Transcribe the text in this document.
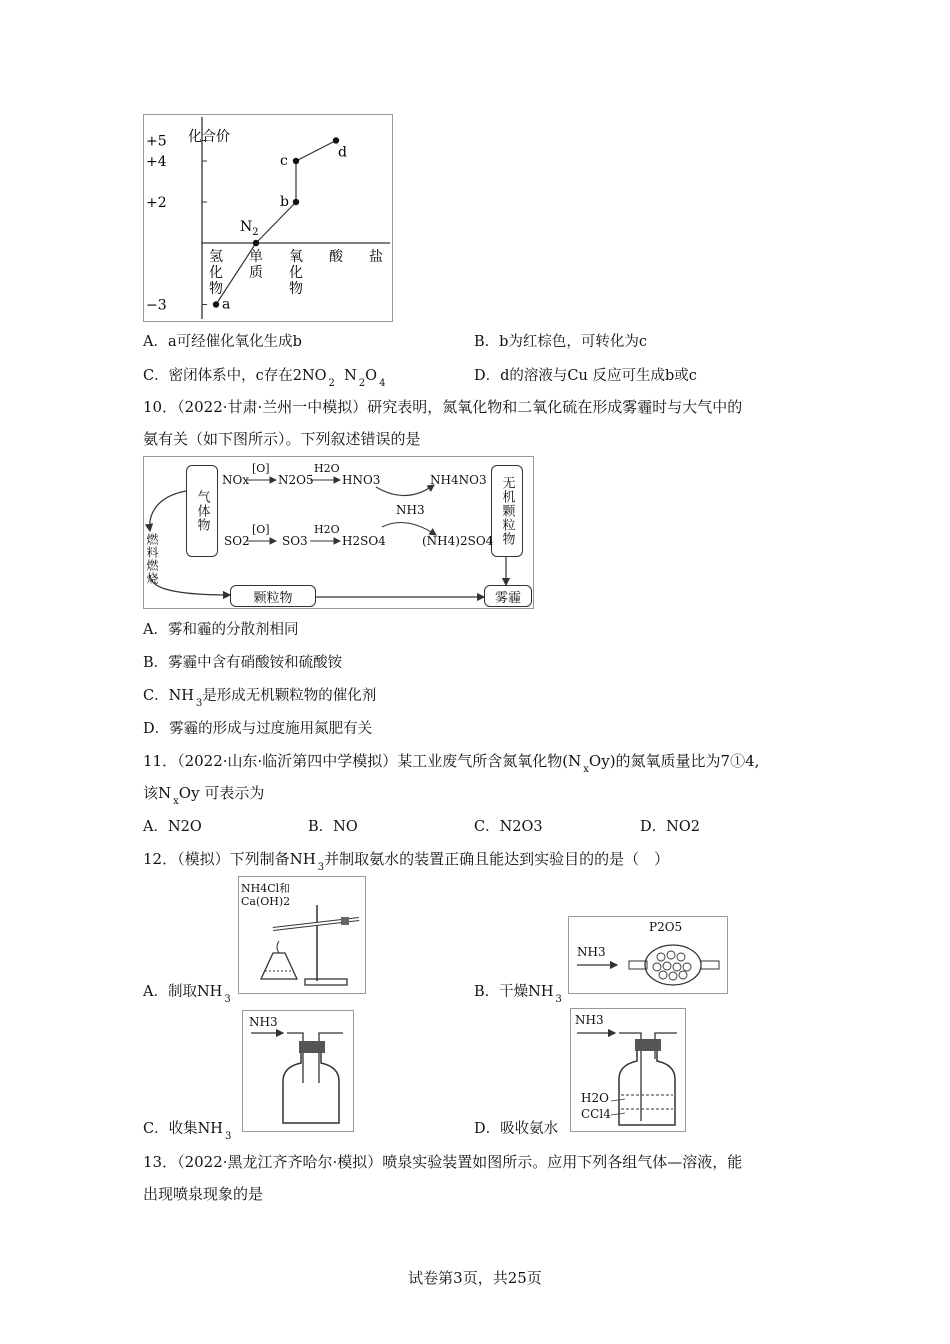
化合价
+5
+4
+2
−3
氢
化
物
单
质
氧
化
物
酸 盐
a
$N_2$
b
c
d
A．a可经催化氧化生成b	B．b为红棕色，可转化为c
C．密闭体系中，c存在2NO $_2$ N $_2$O $_4$	D．d的溶液与Cu 反应可生成b或c
10．（2022·甘肃·兰州一中模拟）研究表明，氮氧化物和二氧化硫在形成雾霾时与大气中的
氨有关（如下图所示）。下列叙述错误的是
气体物
燃料燃烧
无机颗粒物
颗粒物	雾霾
NOx N2O5 HNO3	NH4NO3
[O]	H2O
NH3
SO2	SO3	H2SO4	(NH4)2SO4
[O]	H2O
A．雾和霾的分散剂相同
B．雾霾中含有硝酸铵和硫酸铵
C．NH $_3$是形成无机颗粒物的催化剂
D．雾霾的形成与过度施用氮肥有关
11．（2022·山东·临沂第四中学模拟）某工业废气所含氮氧化物(N $_x$Oy)的氮氧质量比为7①4,
该N $_x$Oy 可表示为
A．N2O	B．NO	C．N2O3	D．NO2
12．（模拟）下列制备NH $_3$并制取氨水的装置正确且能达到实验目的的是（　）
NH4Cl和
Ca(OH)2
A．制取NH $_3$
P2O5
NH3
B．干燥NH $_3$
NH3
C．收集NH $_3$
NH3
H2O
CCl4
D．吸收氨水
13．（2022·黑龙江齐齐哈尔·模拟）喷泉实验装置如图所示。应用下列各组气体—溶液，能
出现喷泉现象的是
试卷第3页，共25页
